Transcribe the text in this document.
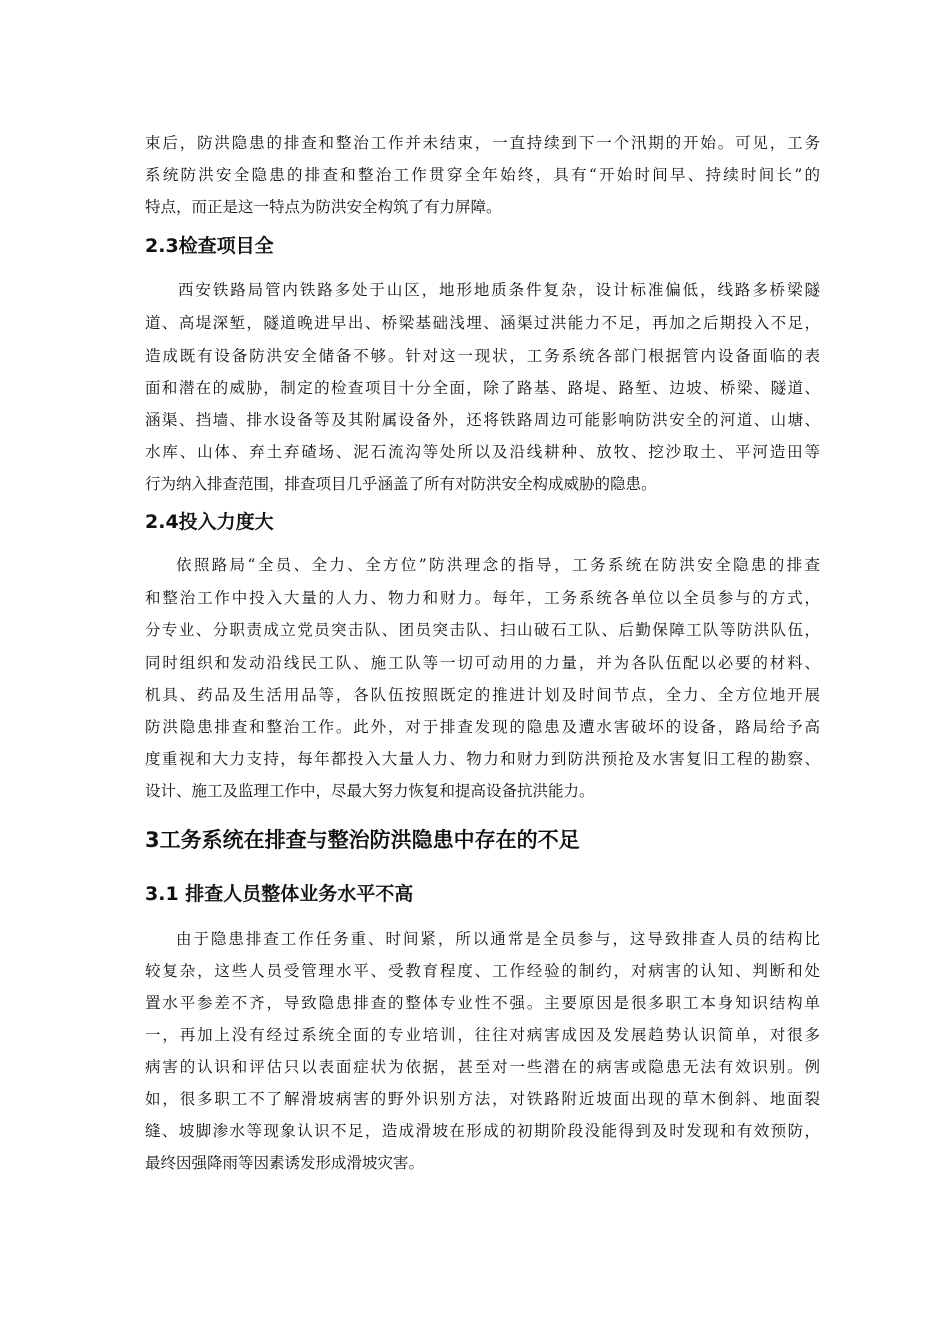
束后，防洪隐患的排查和整治工作并未结束，一直持续到下一个汛期的开始。可见，工务
系统防洪安全隐患的排查和整治工作贯穿全年始终，具有“开始时间早、持续时间长”的
特点，而正是这一特点为防洪安全构筑了有力屏障。
2.3检查项目全
西安铁路局管内铁路多处于山区，地形地质条件复杂，设计标准偏低，线路多桥梁隧
道、高堤深堑，隧道晚进早出、桥梁基础浅埋、涵渠过洪能力不足，再加之后期投入不足，
造成既有设备防洪安全储备不够。针对这一现状，工务系统各部门根据管内设备面临的表
面和潜在的威胁，制定的检查项目十分全面，除了路基、路堤、路堑、边坡、桥梁、隧道、
涵渠、挡墙、排水设备等及其附属设备外，还将铁路周边可能影响防洪安全的河道、山塘、
水库、山体、弃土弃碴场、泥石流沟等处所以及沿线耕种、放牧、挖沙取土、平河造田等
行为纳入排查范围，排查项目几乎涵盖了所有对防洪安全构成威胁的隐患。
2.4投入力度大
依照路局“全员、全力、全方位”防洪理念的指导，工务系统在防洪安全隐患的排查
和整治工作中投入大量的人力、物力和财力。每年，工务系统各单位以全员参与的方式，
分专业、分职责成立党员突击队、团员突击队、扫山破石工队、后勤保障工队等防洪队伍，
同时组织和发动沿线民工队、施工队等一切可动用的力量，并为各队伍配以必要的材料、
机具、药品及生活用品等，各队伍按照既定的推进计划及时间节点，全力、全方位地开展
防洪隐患排查和整治工作。此外，对于排查发现的隐患及遭水害破坏的设备，路局给予高
度重视和大力支持，每年都投入大量人力、物力和财力到防洪预抢及水害复旧工程的勘察、
设计、施工及监理工作中，尽最大努力恢复和提高设备抗洪能力。
3工务系统在排查与整治防洪隐患中存在的不足
3.1 排查人员整体业务水平不高
由于隐患排查工作任务重、时间紧，所以通常是全员参与，这导致排查人员的结构比
较复杂，这些人员受管理水平、受教育程度、工作经验的制约，对病害的认知、判断和处
置水平参差不齐，导致隐患排查的整体专业性不强。主要原因是很多职工本身知识结构单
一，再加上没有经过系统全面的专业培训，往往对病害成因及发展趋势认识简单，对很多
病害的认识和评估只以表面症状为依据，甚至对一些潜在的病害或隐患无法有效识别。例
如，很多职工不了解滑坡病害的野外识别方法，对铁路附近坡面出现的草木倒斜、地面裂
缝、坡脚渗水等现象认识不足，造成滑坡在形成的初期阶段没能得到及时发现和有效预防，
最终因强降雨等因素诱发形成滑坡灾害。
